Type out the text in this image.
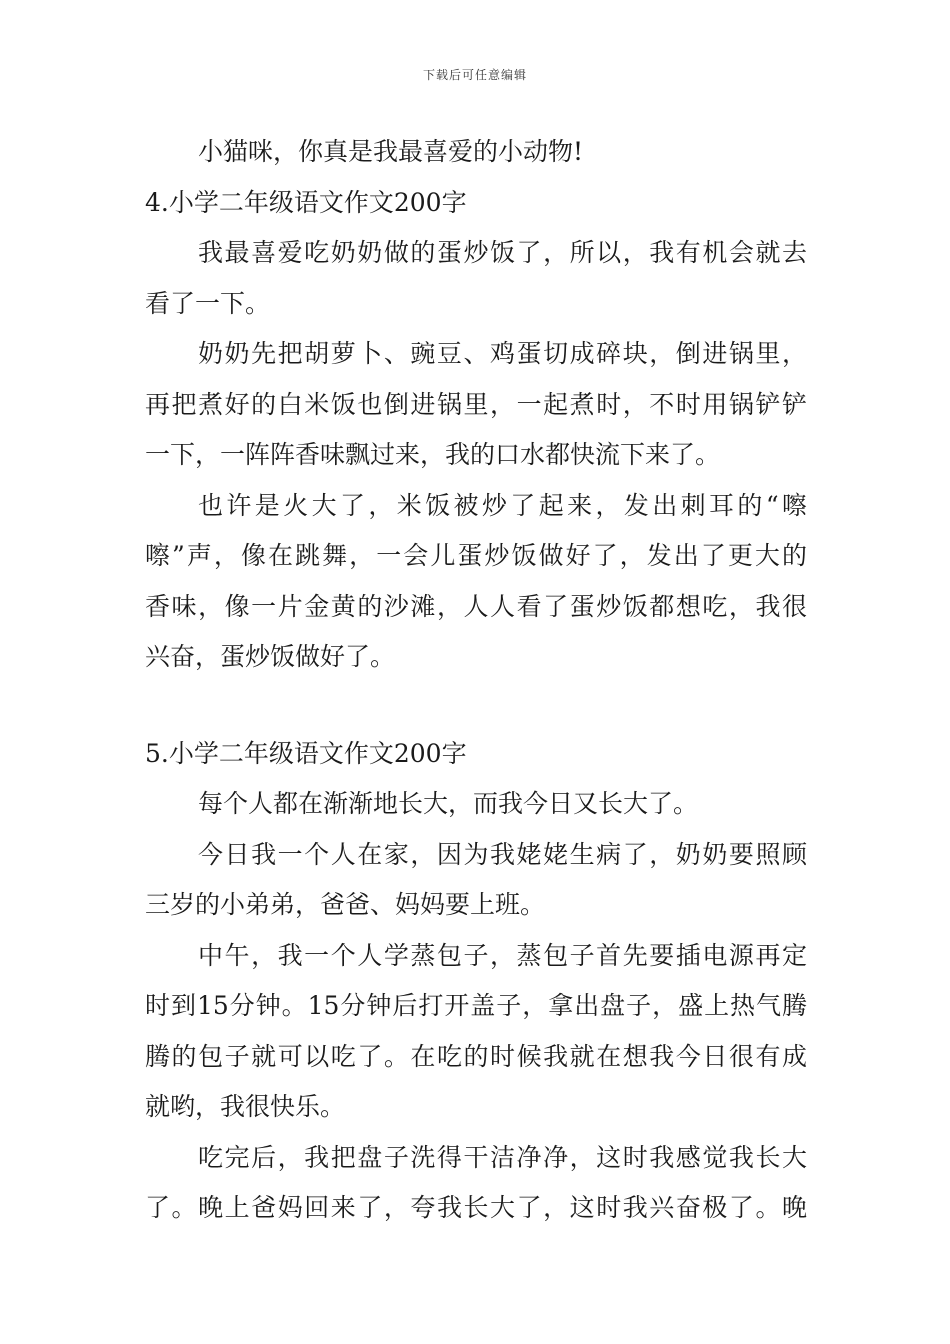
下载后可任意编辑
小猫咪，你真是我最喜爱的小动物!
4.小学二年级语文作文200字
我最喜爱吃奶奶做的蛋炒饭了，所以，我有机会就去
看了一下。
奶奶先把胡萝卜、豌豆、鸡蛋切成碎块，倒进锅里，
再把煮好的白米饭也倒进锅里，一起煮时，不时用锅铲铲
一下，一阵阵香味飘过来，我的口水都快流下来了。
也许是火大了，米饭被炒了起来，发出刺耳的“嚓
嚓”声，像在跳舞，一会儿蛋炒饭做好了，发出了更大的
香味，像一片金黄的沙滩，人人看了蛋炒饭都想吃，我很
兴奋，蛋炒饭做好了。
5.小学二年级语文作文200字
每个人都在渐渐地长大，而我今日又长大了。
今日我一个人在家，因为我姥姥生病了，奶奶要照顾
三岁的小弟弟，爸爸、妈妈要上班。
中午，我一个人学蒸包子，蒸包子首先要插电源再定
时到15分钟。15分钟后打开盖子，拿出盘子，盛上热气腾
腾的包子就可以吃了。在吃的时候我就在想我今日很有成
就哟，我很快乐。
吃完后，我把盘子洗得干洁净净，这时我感觉我长大
了。晚上爸妈回来了，夸我长大了，这时我兴奋极了。晚
